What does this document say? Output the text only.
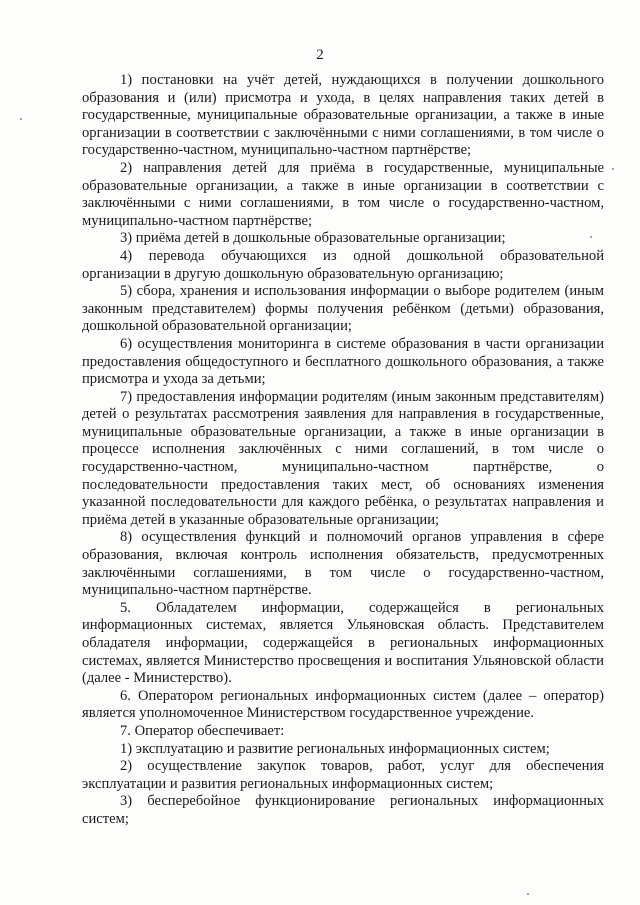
2

1) постановки на учёт детей, нуждающихся в получении дошкольного образования и (или) присмотра и ухода, в целях направления таких детей в государственные, муниципальные образовательные организации, а также в иные организации в соответствии с заключёнными с ними соглашениями, в том числе о государственно-частном, муниципально-частном партнёрстве;

2) направления детей для приёма в государственные, муниципальные образовательные организации, а также в иные организации в соответствии с заключёнными с ними соглашениями, в том числе о государственно-частном, муниципально-частном партнёрстве;

3) приёма детей в дошкольные образовательные организации;

4) перевода обучающихся из одной дошкольной образовательной организации в другую дошкольную образовательную организацию;

5) сбора, хранения и использования информации о выборе родителем (иным законным представителем) формы получения ребёнком (детьми) образования, дошкольной образовательной организации;

6) осуществления мониторинга в системе образования в части организации предоставления общедоступного и бесплатного дошкольного образования, а также присмотра и ухода за детьми;

7) предоставления информации родителям (иным законным представителям) детей о результатах рассмотрения заявления для направления в государственные, муниципальные образовательные организации, а также в иные организации в процессе исполнения заключённых с ними соглашений, в том числе о государственно-частном, муниципально-частном партнёрстве, о последовательности предоставления таких мест, об основаниях изменения указанной последовательности для каждого ребёнка, о результатах направления и приёма детей в указанные образовательные организации;

8) осуществления функций и полномочий органов управления в сфере образования, включая контроль исполнения обязательств, предусмотренных заключёнными соглашениями, в том числе о государственно-частном, муниципально-частном партнёрстве.

5. Обладателем информации, содержащейся в региональных информационных системах, является Ульяновская область. Представителем обладателя информации, содержащейся в региональных информационных системах, является Министерство просвещения и воспитания Ульяновской области (далее - Министерство).

6. Оператором региональных информационных систем (далее – оператор) является уполномоченное Министерством государственное учреждение.

7. Оператор обеспечивает:

1) эксплуатацию и развитие региональных информационных систем;

2) осуществление закупок товаров, работ, услуг для обеспечения эксплуатации и развития региональных информационных систем;

3) бесперебойное функционирование региональных информационных систем;
